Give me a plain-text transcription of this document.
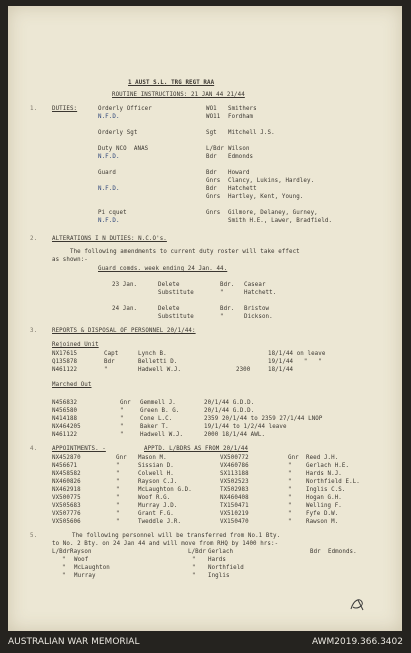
1 AUST S.L. TRG REGT RAA
ROUTINE INSTRUCTIONS: 21 JAN 44 21/44
1.	DUTIES:	Orderly Officer	WO1 Smithers
N.F.D.	WO11 Fordham
Orderly Sgt	Sgt Mitchell J.S.
Duty NCO  ANAS	L/Bdr Wilson
N.F.D.	Bdr Edmonds
Guard	Bdr Howard
Gnrs Clancy, Lukins, Hardley.
N.F.D.	Bdr Hatchett
Gnrs Hartley, Kent, Young.
Pi cquet	Gnrs Gilmore, Delaney, Gurney,
N.F.D.	Smith H.E., Lawer, Bradfield.
2.	ALTERATIONS I N DUTIES: N.C.O's.
The following amendments to current duty roster will take effect
as shown:-
Guard comds. week ending 24 Jan. 44.
23 Jan.	Delete	Bdr. Casear
Substitute	"	Hatchett.
24 Jan.	Delete	Bdr. Bristow
Substitute	"	Dickson.
3.	REPORTS & DISPOSAL OF PERSONNEL 20/1/44:
Rejoined Unit
NX17615	Capt	Lynch B.	18/1/44 on leave
Q135878	Bdr	Belletti D.	19/1/44   "   "
N461122	"	Hadwell W.J.	2300	18/1/44
Marched Out
N456832	Gnr Gemmell J.	20/1/44 G.D.D.
N456580	"	Green B. G.	20/1/44 G.D.D.
N414188	"	Cone L.C.	2359 20/1/44 to 2359 27/1/44 LNOP
NX464205	"	Baker T.	19/1/44 to 1/2/44 leave
N461122	"	Hadwell W.J.	2000 18/1/44 AWL.
4.	APPOINTMENTS. -	APPTD. L/BDRS AS FROM 20/1/44
NX452870	Gnr Mason M.	VX500772	Gnr Reed J.H.
N456671	"	Sissian D.	VX460786	" Gerlach H.E.
NX458582	"	Colwell H.	SX113188	" Hards N.J.
NX460826	"	Rayson C.J.	VX502523	" Northfield E.L.
NX462918	"	McLaughton G.D.	TX502983	" Inglis C.S.
VX500775	"	Woof R.G.	NX460408	" Hogan G.H.
VX505683	"	Murray J.D.	TX150471	" Welling F.
VX507776	"	Grant F.G.	VX510219	" Fyfe D.W.
VX505606	"	Tweddle J.R.	VX150470	" Rawson M.
5.	The following personnel will be transferred from No.1 Bty.
to No. 2 Bty. on 24 Jan 44 and will move from RHQ by 1400 hrs:-
L/Bdr Rayson	L/Bdr Gerlach	Bdr Edmonds.
" Woof	" Hards
" McLaughton	" Northfield
" Murray	" Inglis
AUSTRALIAN WAR MEMORIAL	AWM2019.366.3402
